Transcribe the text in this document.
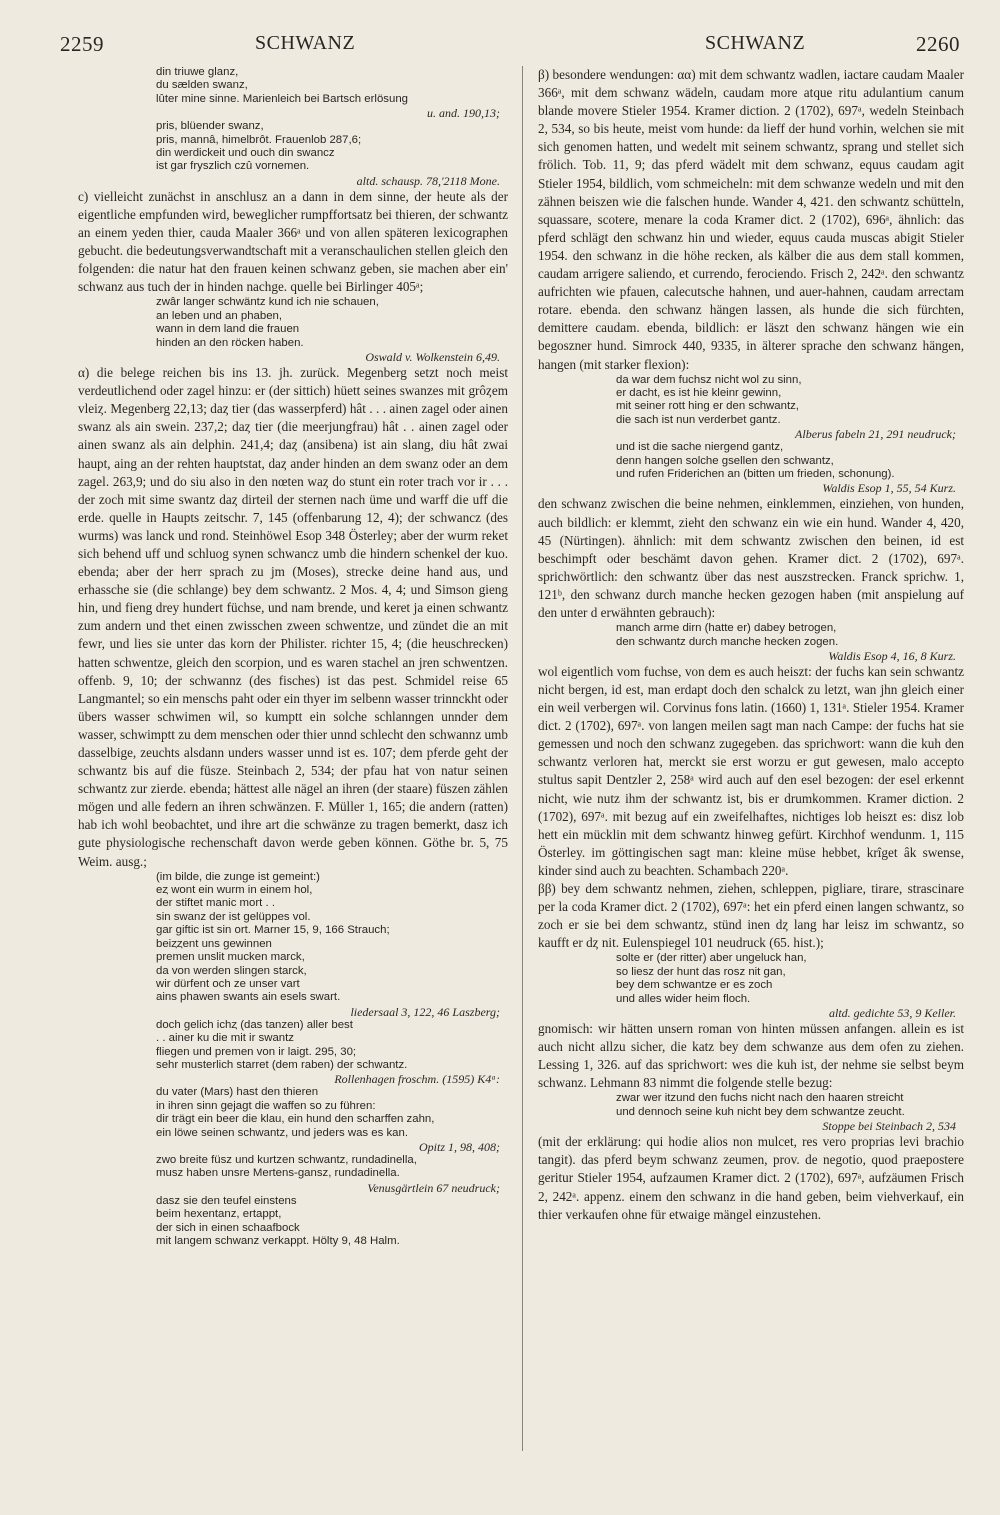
2259	SCHWANZ	SCHWANZ	2260
din triuwe glanz,
du sælden swanz,
lûter mine sinne. Marienleich bei Bartsch erlösung
u. and. 190,13;
pris, blüender swanz,
pris, mannâ, himelbrôt. Frauenlob 287,6;
din werdickeit und ouch din swancz
ist gar fryszlich czû vornemen.
altd. schausp. 78,'2118 Mone.

c) vielleicht zunächst in anschlusz an a dann in dem sinne, der heute als der eigentliche empfunden wird, beweglicher rumpffortsatz bei thieren, der schwantz an einem yeden thier, cauda Maaler 366ᵃ und von allen späteren lexicographen gebucht. die bedeutungsverwandtschaft mit a veranschaulichen stellen gleich den folgenden: die natur hat den frauen keinen schwanz geben, sie machen aber ein' schwanz aus tuch der in hinden nachge. quelle bei Birlinger 405ᵃ;

zwâr langer schwäntz kund ich nie schauen,
an leben und an phaben,
wann in dem land die frauen
hinden an den röcken haben.
Oswald v. Wolkenstein 6,49.

α) die belege reichen bis ins 13. jh. zurück. Megenberg setzt noch meist verdeutlichend oder zagel hinzu: er (der sittich) hüett seines swanzes mit grôȥem vleiȥ. Megenberg 22,13; daȥ tier (das wasserpferd) hât . . . ainen zagel oder ainen swanz als ain swein. 237,2; daȥ tier (die meerjungfrau) hât . . ainen zagel oder ainen swanz als ain delphin. 241,4; daȥ (ansibena) ist ain slang, diu hât zwai haupt, aing an der rehten hauptstat, daȥ ander hinden an dem swanz oder an dem zagel. 263,9; und do siu also in den nœten waȥ do stunt ein roter trach vor ir . . . der zoch mit sime swantz daȥ dirteil der sternen nach üme und warff die uff die erde. quelle in Haupts zeitschr. 7, 145 (offenbarung 12, 4); der schwancz (des wurms) was lanck und rond. Steinhöwel Esop 348 Österley; aber der wurm reket sich behend uff und schluog synen schwancz umb die hindern schenkel der kuo. ebenda; aber der herr sprach zu jm (Moses), strecke deine hand aus, und erhassche sie (die schlange) bey dem schwantz. 2 Mos. 4, 4; und Simson gieng hin, und fieng drey hundert füchse, und nam brende, und keret ja einen schwantz zum andern und thet einen zwisschen zween schwentze, und zündet die an mit fewr, und lies sie unter das korn der Philister. richter 15, 4; (die heuschrecken) hatten schwentze, gleich den scorpion, und es waren stachel an jren schwentzen. offenb. 9, 10; der schwannz (des fisches) ist das pest. Schmidel reise 65 Langmantel; so ein menschs paht oder ein thyer im selbenn wasser trinnckht oder übers wasser schwimen wil, so kumptt ein solche schlanngen unnder dem wasser, schwimptt zu dem menschen oder thier unnd schlecht den schwannz umb dasselbige, zeuchts alsdann unders wasser unnd ist es. 107; dem pferde geht der schwantz bis auf die füsze. Steinbach 2, 534; der pfau hat von natur seinen schwantz zur zierde. ebenda; hättest alle nägel an ihren (der staare) füszen zählen mögen und alle federn an ihren schwänzen. F. Müller 1, 165; die andern (ratten) hab ich wohl beobachtet, und ihre art die schwänze zu tragen bemerkt, dasz ich gute physiologische rechenschaft davon werde geben können. Göthe br. 5, 75 Weim. ausg.;

(im bilde, die zunge ist gemeint:)
eȥ wont ein wurm in einem hol,
der stiftet manic mort . .
sin swanz der ist gelüppes vol.
gar giftic ist sin ort. Marner 15, 9, 166 Strauch;
beiȥȥent uns gewinnen
premen unslit mucken marck,
da von werden slingen starck,
wir dürfent och ze unser vart
ains phawen swants ain esels swart.
liedersaal 3, 122, 46 Laszberg;
doch gelich ichȥ (das tanzen) aller best
. . ainer ku die mit ir swantz
fliegen und premen von ir laigt. 295, 30;
sehr musterlich starret (dem raben) der schwantz.
Rollenhagen froschm. (1595) K4ᵃ:
du vater (Mars) hast den thieren
in ihren sinn gejagt die waffen so zu führen:
dir trägt ein beer die klau, ein hund den scharffen zahn,
ein löwe seinen schwantz, und jeders was es kan.
Opitz 1, 98, 408;
zwo breite füsz und kurtzen schwantz, rundadinella,
musz haben unsre Mertens-gansz, rundadinella.
Venusgärtlein 67 neudruck;
dasz sie den teufel einstens
beim hexentanz, ertappt,
der sich in einen schaafbock
mit langem schwanz verkappt. Hölty 9, 48 Halm.

β) besondere wendungen: αα) mit dem schwantz wadlen, iactare caudam Maaler 366ᵃ, mit dem schwanz wädeln, caudam more atque ritu adulantium canum blande movere Stieler 1954. Kramer diction. 2 (1702), 697ᵃ, wedeln Steinbach 2, 534, so bis heute, meist vom hunde: da lieff der hund vorhin, welchen sie mit sich genomen hatten, und wedelt mit seinem schwantz, sprang und stellet sich frölich. Tob. 11, 9; das pferd wädelt mit dem schwanz, equus caudam agit Stieler 1954, bildlich, vom schmeicheln: mit dem schwanze wedeln und mit den zähnen beiszen wie die falschen hunde. Wander 4, 421. den schwantz schütteln, squassare, scotere, menare la coda Kramer dict. 2 (1702), 696ᵃ, ähnlich: das pferd schlägt den schwanz hin und wieder, equus cauda muscas abigit Stieler 1954. den schwanz in die höhe recken, als kälber die aus dem stall kommen, caudam arrigere saliendo, et currendo, ferociendo. Frisch 2, 242ᵃ. den schwantz aufrichten wie pfauen, calecutsche hahnen, und auer-hahnen, caudam arrectam rotare. ebenda. den schwanz hängen lassen, als hunde die sich fürchten, demittere caudam. ebenda, bildlich: er läszt den schwanz hängen wie ein begoszner hund. Simrock 440, 9335, in älterer sprache den schwanz hängen, hangen (mit starker flexion):

da war dem fuchsz nicht wol zu sinn,
er dacht, es ist hie kleinr gewinn,
mit seiner rott hing er den schwantz,
die sach ist nun verderbet gantz.
Alberus fabeln 21, 291 neudruck;
und ist die sache niergend gantz,
denn hangen solche gsellen den schwantz,
und rufen Friderichen an (bitten um frieden, schonung).
Waldis Esop 1, 55, 54 Kurz.

den schwanz zwischen die beine nehmen, einklemmen, einziehen, von hunden, auch bildlich: er klemmt, zieht den schwanz ein wie ein hund. Wander 4, 420, 45 (Nürtingen). ähnlich: mit dem schwantz zwischen den beinen, id est beschimpft oder beschämt davon gehen. Kramer dict. 2 (1702), 697ᵃ. sprichwörtlich: den schwantz über das nest auszstrecken. Franck sprichw. 1, 121ᵇ, den schwanz durch manche hecken gezogen haben (mit anspielung auf den unter d erwähnten gebrauch):

manch arme dirn (hatte er) dabey betrogen,
den schwantz durch manche hecken zogen.
Waldis Esop 4, 16, 8 Kurz.

wol eigentlich vom fuchse, von dem es auch heiszt: der fuchs kan sein schwantz nicht bergen, id est, man erdapt doch den schalck zu letzt, wan jhn gleich einer ein weil verbergen wil. Corvinus fons latin. (1660) 1, 131ᵃ. Stieler 1954. Kramer dict. 2 (1702), 697ᵃ. von langen meilen sagt man nach Campe: der fuchs hat sie gemessen und noch den schwanz zugegeben. das sprichwort: wann die kuh den schwantz verloren hat, merckt sie erst worzu er gut gewesen, malo accepto stultus sapit Dentzler 2, 258ᵃ wird auch auf den esel bezogen: der esel erkennt nicht, wie nutz ihm der schwantz ist, bis er drumkommen. Kramer diction. 2 (1702), 697ᵃ. mit bezug auf ein zweifelhaftes, nichtiges lob heiszt es: disz lob hett ein mücklin mit dem schwantz hinweg gefürt. Kirchhof wendunm. 1, 115 Österley. im göttingischen sagt man: kleine müse hebbet, krîget âk swense, kinder sind auch zu beachten. Schambach 220ᵃ.

ββ) bey dem schwantz nehmen, ziehen, schleppen, pigliare, tirare, strascinare per la coda Kramer dict. 2 (1702), 697ᵃ: het ein pferd einen langen schwantz, so zoch er sie bei dem schwantz, stünd inen dȥ lang har leisz im schwantz, so kaufft er dȥ nit. Eulenspiegel 101 neudruck (65. hist.);

solte er (der ritter) aber ungeluck han,
so liesz der hunt das rosz nit gan,
bey dem schwantze er es zoch
und alles wider heim floch.
altd. gedichte 53, 9 Keller.

gnomisch: wir hätten unsern roman von hinten müssen anfangen. allein es ist auch nicht allzu sicher, die katz bey dem schwanze aus dem ofen zu ziehen. Lessing 1, 326. auf das sprichwort: wes die kuh ist, der nehme sie selbst beym schwanz. Lehmann 83 nimmt die folgende stelle bezug:

zwar wer itzund den fuchs nicht nach den haaren streicht
und dennoch seine kuh nicht bey dem schwantze zeucht.
Stoppe bei Steinbach 2, 534

(mit der erklärung: qui hodie alios non mulcet, res vero proprias levi brachio tangit). das pferd beym schwanz zeumen, prov. de negotio, quod praepostere geritur Stieler 1954, aufzaumen Kramer dict. 2 (1702), 697ᵃ, aufzäumen Frisch 2, 242ᵃ. appenz. einem den schwanz in die hand geben, beim viehverkauf, ein thier verkaufen ohne für etwaige mängel einzustehen.
